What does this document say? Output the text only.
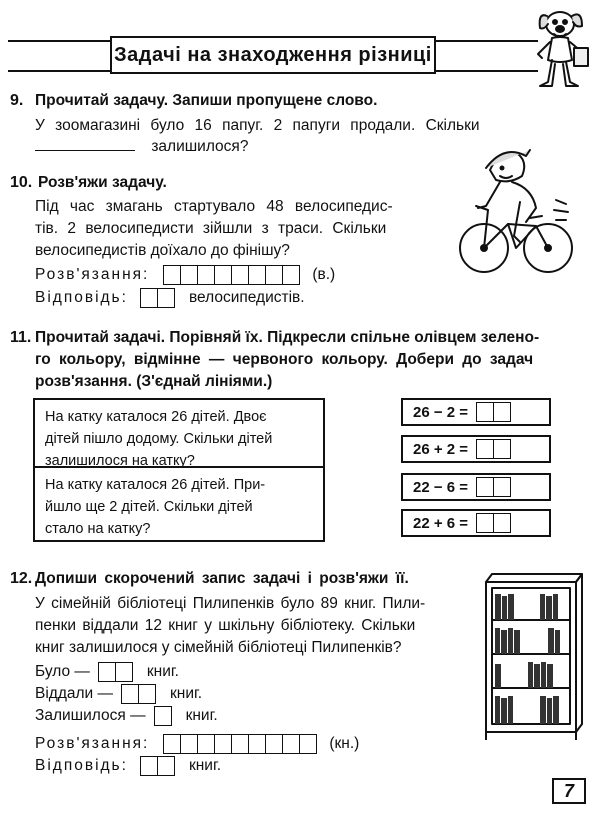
Задачі на знаходження різниці
9. Прочитай задачу. Запиши пропущене слово.
У зоомагазині було 16 папуг. 2 папуги продали. Скільки
залишилося?
10. Розв'яжи задачу.
Під час змагань стартувало 48 велосипедис-
тів. 2 велосипедисти зійшли з траси. Скільки
велосипедистів доїхало до фінішу?
Розв'язання:	(в.)
Відповідь:	велосипедистів.
11. Прочитай задачі. Порівняй їх. Підкресли спільне олівцем зелено-
го кольору, відмінне — червоного кольору. Добери до задач
розв'язання. (З'єднай лініями.)
На катку каталося 26 дітей. Двоє
дітей пішло додому. Скільки дітей
залишилося на катку?
На катку каталося 26 дітей. При-
йшло ще 2 дітей. Скільки дітей
стало на катку?
26 − 2 =
26 + 2 =
22 − 6 =
22 + 6 =
12. Допиши скорочений запис задачі і розв'яжи її.
У сімейній бібліотеці Пилипенків було 89 книг. Пили-
пенки віддали 12 книг у шкільну бібліотеку. Скільки
книг залишилося у сімейній бібліотеці Пилипенків?
Було —	книг.
Віддали —	книг.
Залишилося —	книг.
Розв'язання:	(кн.)
Відповідь:	книг.
7
